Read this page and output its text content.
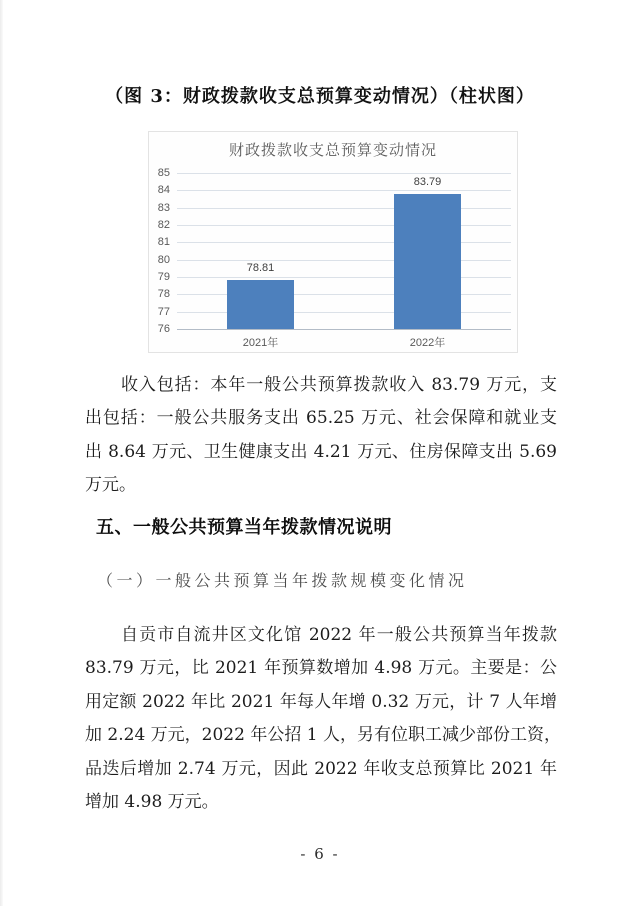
（图 3：财政拨款收支总预算变动情况）（柱状图）
财政拨款收支总预算变动情况
85
84
83
82
81
80
79
78
77
76
78.81
2021年
83.79
2022年
收入包括：本年一般公共预算拨款收入 83.79 万元，支
出包括：一般公共服务支出 65.25 万元、社会保障和就业支
出 8.64 万元、卫生健康支出 4.21 万元、住房保障支出 5.69
万元。
五、一般公共预算当年拨款情况说明
（一）一般公共预算当年拨款规模变化情况
自贡市自流井区文化馆 2022 年一般公共预算当年拨款
83.79 万元，比 2021 年预算数增加 4.98 万元。主要是：公
用定额 2022 年比 2021 年每人年增 0.32 万元，计 7 人年增
加 2.24 万元，2022 年公招 1 人，另有位职工减少部份工资，
品迭后增加 2.74 万元，因此 2022 年收支总预算比 2021 年
增加 4.98 万元。
- 6 -
